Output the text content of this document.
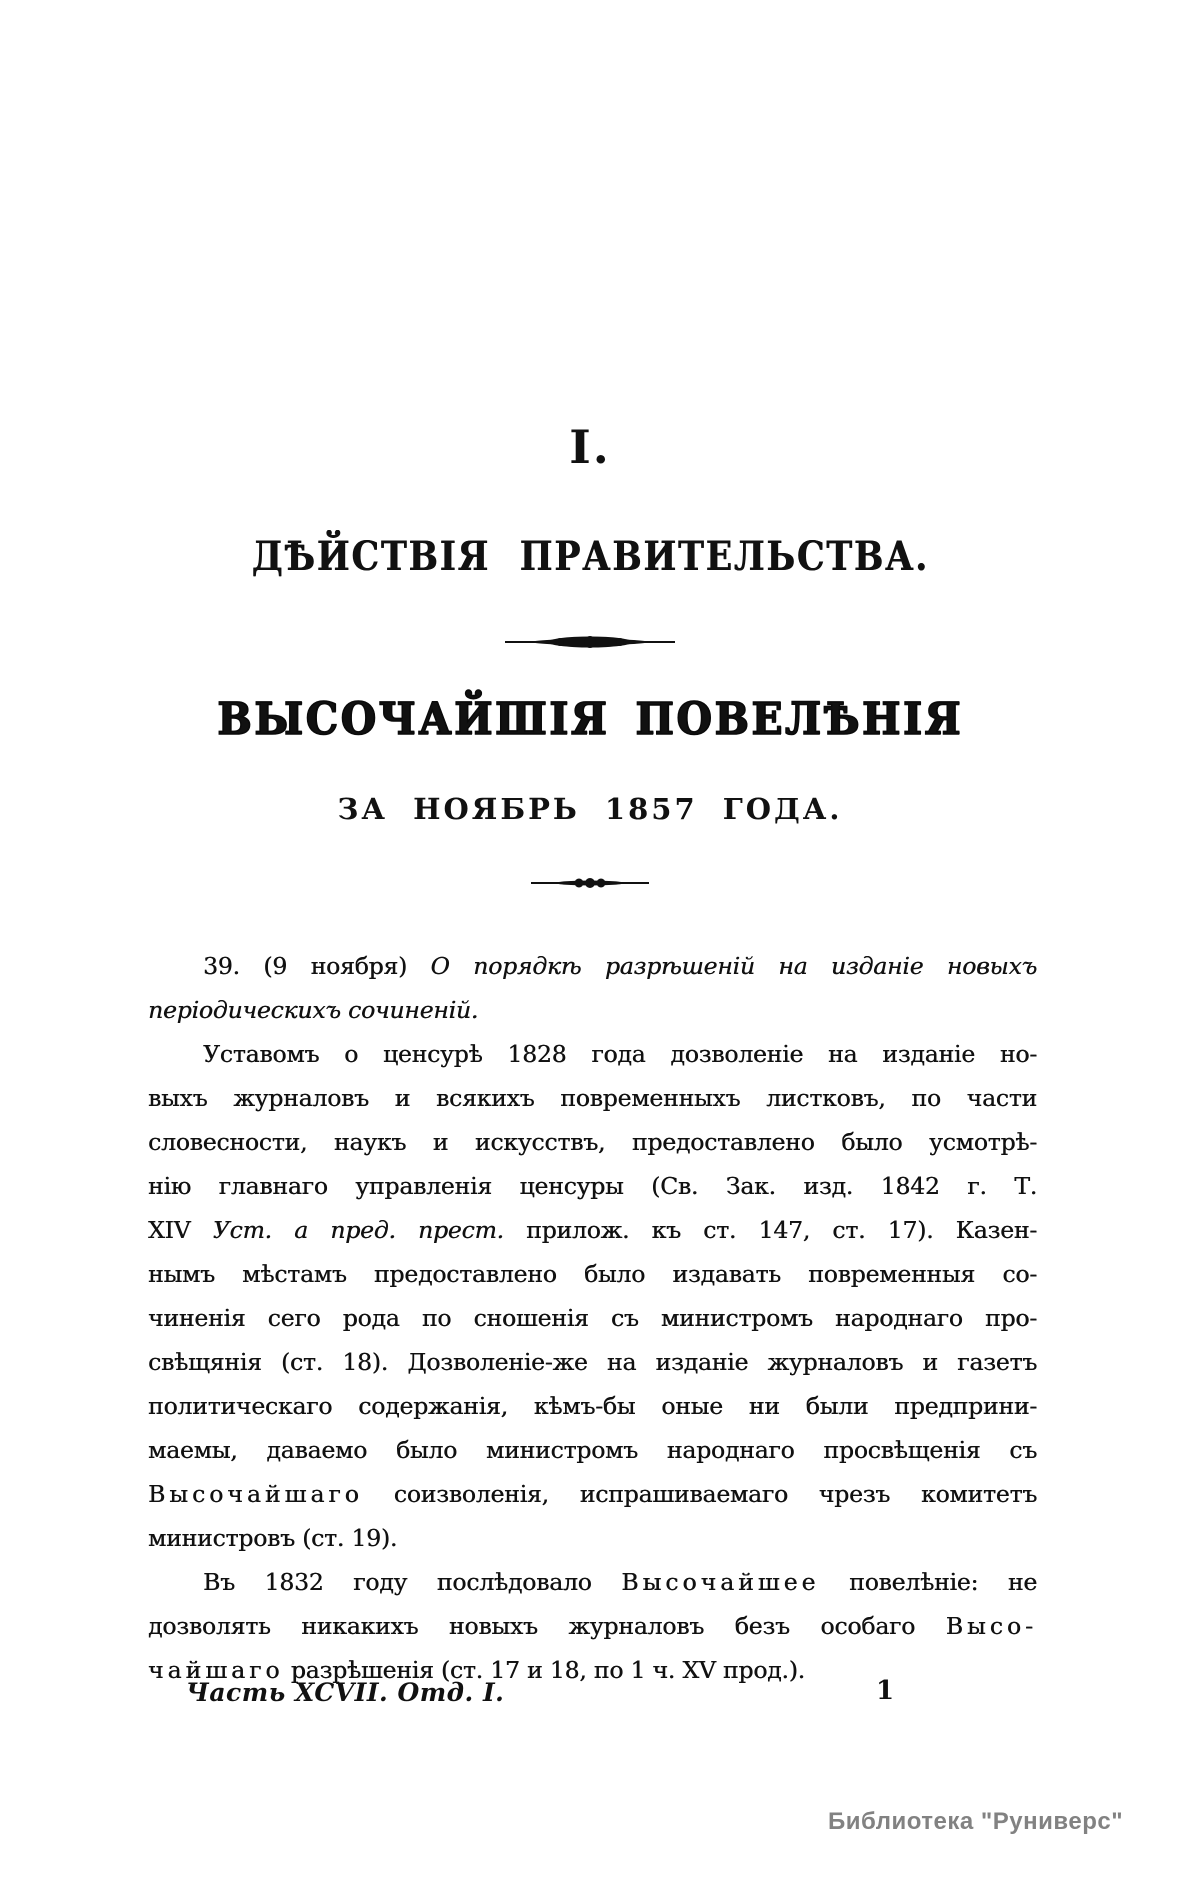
I.
ДѢЙСТВІЯ ПРАВИТЕЛЬСТВА.
ВЫСОЧАЙШІЯ ПОВЕЛѢНІЯ
ЗА НОЯБРЬ 1857 ГОДА.
39. (9 ноября) О порядкѣ разрѣшеній на изданіе новыхъ
періодическихъ сочиненій.
Уставомъ о ценсурѣ 1828 года дозволеніе на изданіе но-
выхъ журналовъ и всякихъ повременныхъ листковъ, по части
словесности, наукъ и искусствъ, предоставлено было усмотрѣ-
нію главнаго управленія ценсуры (Св. Зак. изд. 1842 г. Т.
XIV Уст. а пред. прест. прилож. къ ст. 147, ст. 17). Казен-
нымъ мѣстамъ предоставлено было издавать повременныя со-
чиненія сего рода по сношенія съ министромъ народнаго про-
свѣщянія (ст. 18). Дозволеніе-же на изданіе журналовъ и газетъ
политическаго содержанія, кѣмъ-бы оные ни были предприни-
маемы, даваемо было министромъ народнаго просвѣщенія съ
Высочайшаго соизволенія, испрашиваемаго чрезъ комитетъ
министровъ (ст. 19).
Въ 1832 году послѣдовало Высочайшее повелѣніе: не
дозволять никакихъ новыхъ журналовъ безъ особаго Высо-
чайшаго разрѣшенія (ст. 17 и 18, по 1 ч. XV прод.).
Часть XCVII. Отд. I.	1
Библиотека "Руниверс"
